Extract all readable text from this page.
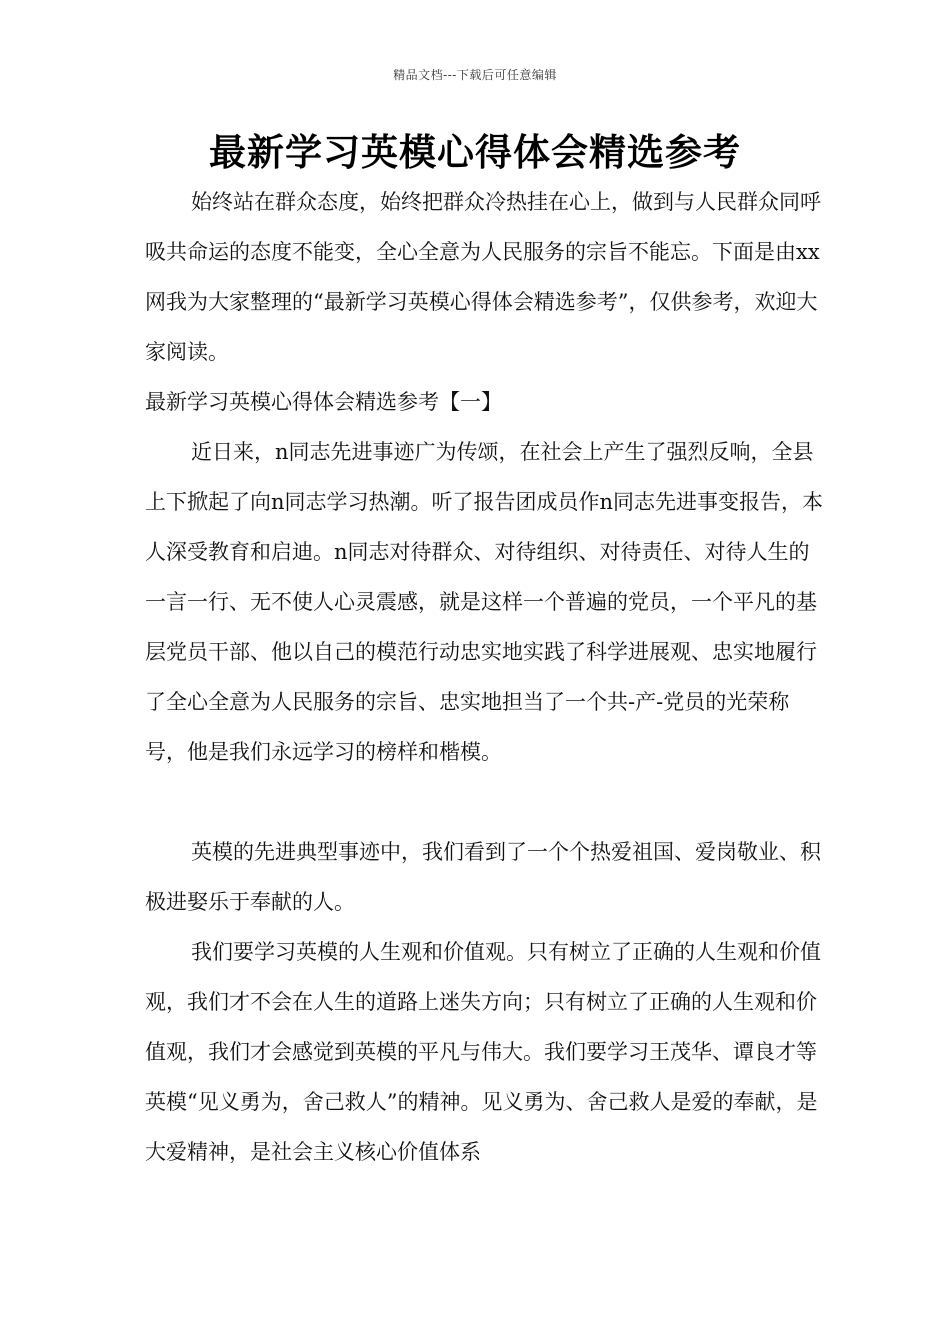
精品文档---下载后可任意编辑
最新学习英模心得体会精选参考

始终站在群众态度，始终把群众冷热挂在心上，做到与人民群众同呼吸共命运的态度不能变，全心全意为人民服务的宗旨不能忘。下面是由xx网我为大家整理的“最新学习英模心得体会精选参考”，仅供参考，欢迎大家阅读。

最新学习英模心得体会精选参考【一】

近日来，n同志先进事迹广为传颂，在社会上产生了强烈反响，全县上下掀起了向n同志学习热潮。听了报告团成员作n同志先进事变报告，本人深受教育和启迪。n同志对待群众、对待组织、对待责任、对待人生的一言一行、无不使人心灵震感，就是这样一个普遍的党员，一个平凡的基层党员干部、他以自己的模范行动忠实地实践了科学进展观、忠实地履行了全心全意为人民服务的宗旨、忠实地担当了一个共-产-党员的光荣称号，他是我们永远学习的榜样和楷模。

英模的先进典型事迹中，我们看到了一个个热爱祖国、爱岗敬业、积极进娶乐于奉献的人。

我们要学习英模的人生观和价值观。只有树立了正确的人生观和价值观，我们才不会在人生的道路上迷失方向；只有树立了正确的人生观和价值观，我们才会感觉到英模的平凡与伟大。我们要学习王茂华、谭良才等英模“见义勇为，舍己救人”的精神。见义勇为、舍己救人是爱的奉献，是大爱精神，是社会主义核心价值体系
